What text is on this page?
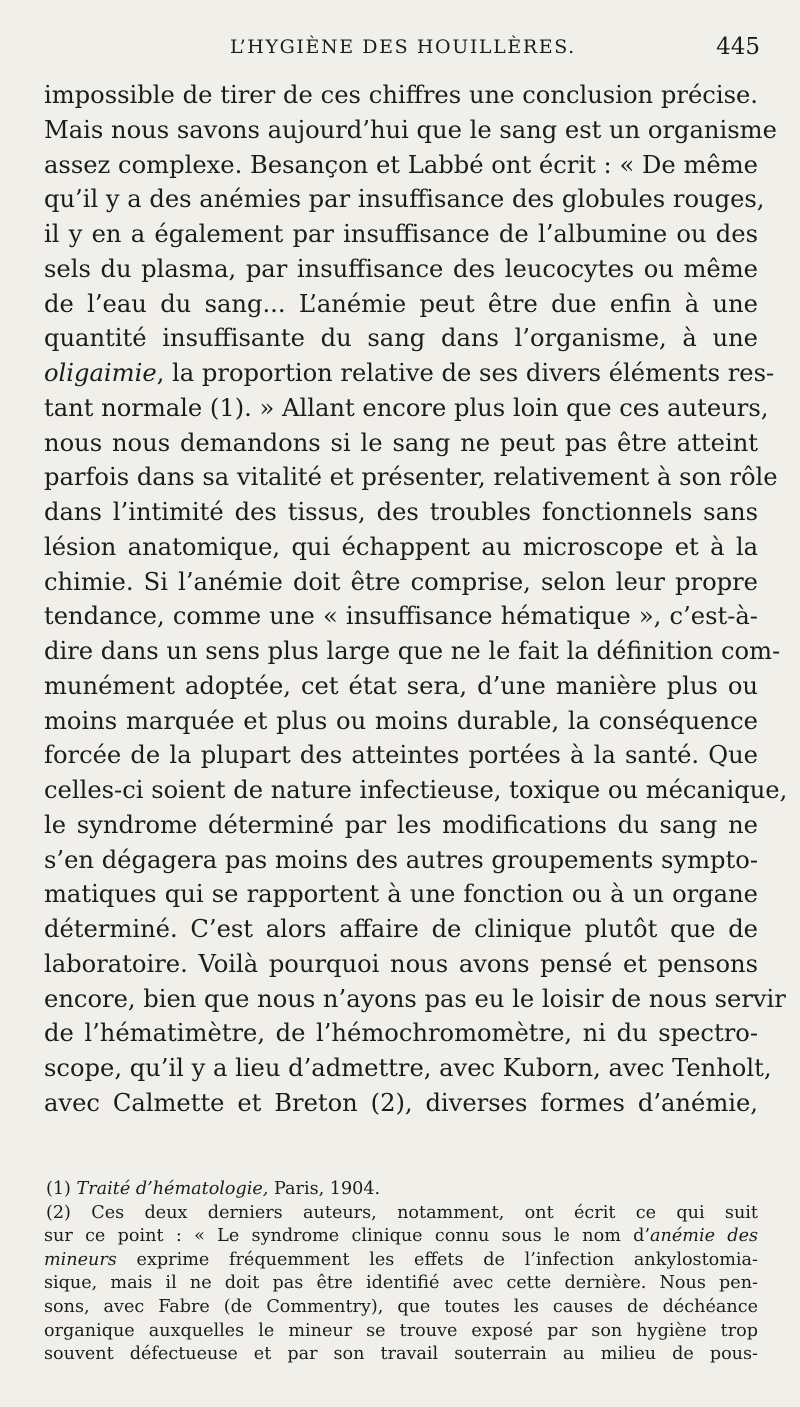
L’HYGIÈNE DES HOUILLÈRES.	445
impossible de tirer de ces chiffres une conclusion précise.
Mais nous savons aujourd’hui que le sang est un organisme
assez complexe. Besançon et Labbé ont écrit : « De même
qu’il y a des anémies par insuffisance des globules rouges,
il y en a également par insuffisance de l’albumine ou des
sels du plasma, par insuffisance des leucocytes ou même
de l’eau du sang... L’anémie peut être due enfin à une
quantité insuffisante du sang dans l’organisme, à une
oligaimie, la proportion relative de ses divers éléments res-
tant normale (1). » Allant encore plus loin que ces auteurs,
nous nous demandons si le sang ne peut pas être atteint
parfois dans sa vitalité et présenter, relativement à son rôle
dans l’intimité des tissus, des troubles fonctionnels sans
lésion anatomique, qui échappent au microscope et à la
chimie. Si l’anémie doit être comprise, selon leur propre
tendance, comme une « insuffisance hématique », c’est-à-
dire dans un sens plus large que ne le fait la définition com-
munément adoptée, cet état sera, d’une manière plus ou
moins marquée et plus ou moins durable, la conséquence
forcée de la plupart des atteintes portées à la santé. Que
celles-ci soient de nature infectieuse, toxique ou mécanique,
le syndrome déterminé par les modifications du sang ne
s’en dégagera pas moins des autres groupements sympto-
matiques qui se rapportent à une fonction ou à un organe
déterminé. C’est alors affaire de clinique plutôt que de
laboratoire. Voilà pourquoi nous avons pensé et pensons
encore, bien que nous n’ayons pas eu le loisir de nous servir
de l’hématimètre, de l’hémochromomètre, ni du spectro-
scope, qu’il y a lieu d’admettre, avec Kuborn, avec Tenholt,
avec Calmette et Breton (2), diverses formes d’anémie,
(1) Traité d’hématologie, Paris, 1904.
(2) Ces deux derniers auteurs, notamment, ont écrit ce qui suit
sur ce point : « Le syndrome clinique connu sous le nom d’anémie des
mineurs exprime fréquemment les effets de l’infection ankylostomia-
sique, mais il ne doit pas être identifié avec cette dernière. Nous pen-
sons, avec Fabre (de Commentry), que toutes les causes de déchéance
organique auxquelles le mineur se trouve exposé par son hygiène trop
souvent défectueuse et par son travail souterrain au milieu de pous-
